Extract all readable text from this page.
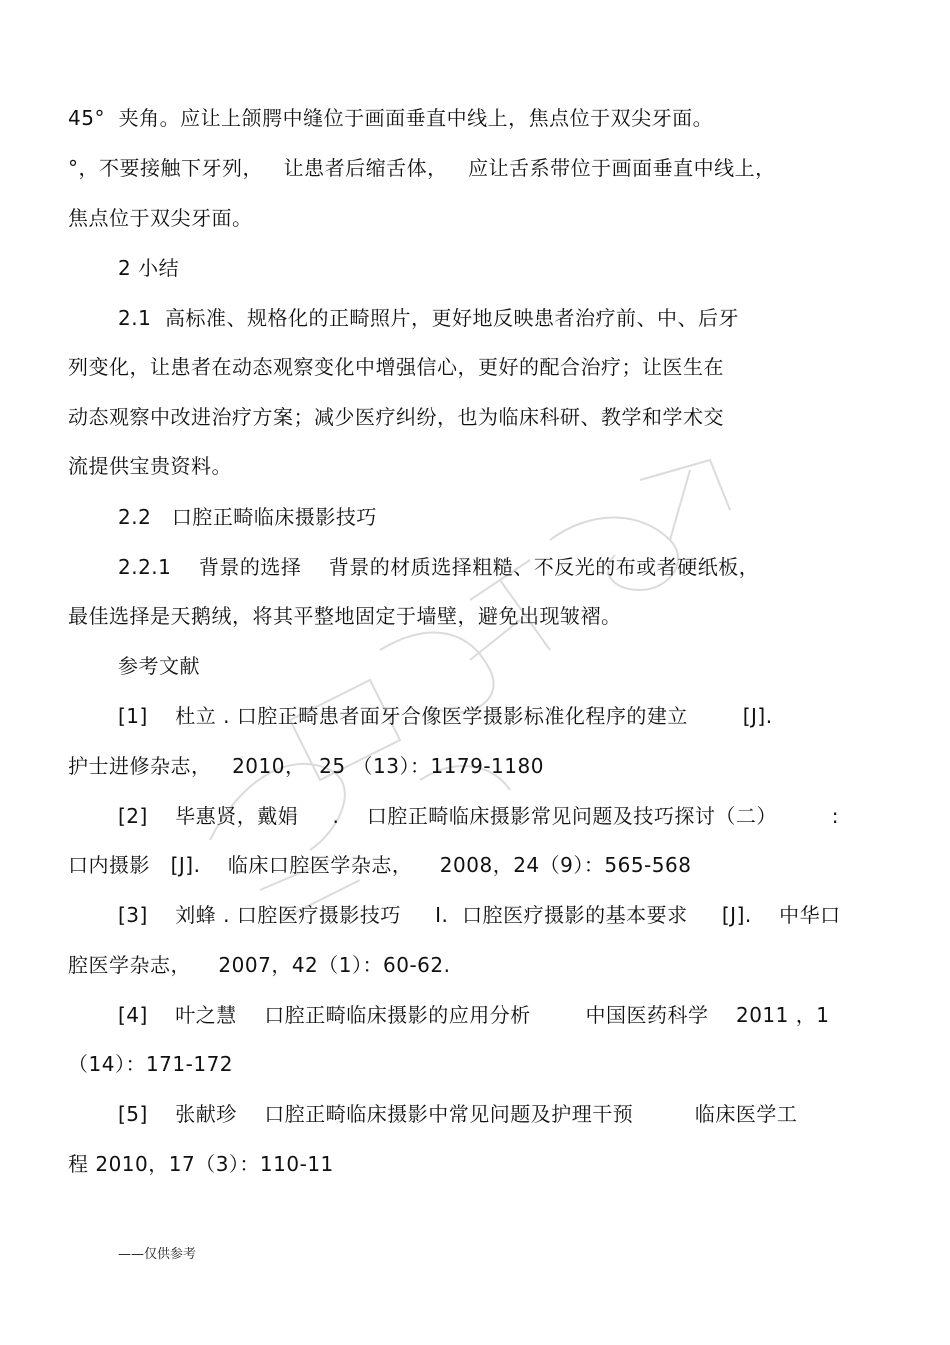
45°  夹角。应让上颌腭中缝位于画面垂直中线上，焦点位于双尖牙面。
°，不要接触下牙列，   让患者后缩舌体，   应让舌系带位于画面垂直中线上，
焦点位于双尖牙面。
2 小结
2.1  高标准、规格化的正畸照片，更好地反映患者治疗前、中、后牙
列变化，让患者在动态观察变化中增强信心，更好的配合治疗；让医生在
动态观察中改进治疗方案；减少医疗纠纷，也为临床科研、教学和学术交
流提供宝贵资料。
2.2   口腔正畸临床摄影技巧
2.2.1    背景的选择    背景的材质选择粗糙、不反光的布或者硬纸板，
最佳选择是天鹅绒，将其平整地固定于墙壁，避免出现皱褶。
参考文献
[1]    杜立 . 口腔正畸患者面牙合像医学摄影标准化程序的建立        [J].
护士进修杂志，   2010，  25 （13）：1179-1180
[2]    毕惠贤，戴娟     .    口腔正畸临床摄影常见问题及技巧探讨（二）        :
口内摄影   [J].    临床口腔医学杂志，    2008，24（9）：565-568
[3]    刘蜂 . 口腔医疗摄影技巧     I.  口腔医疗摄影的基本要求     [J].    中华口
腔医学杂志，    2007，42（1）：60-62.
[4]    叶之慧    口腔正畸临床摄影的应用分析        中国医药科学    2011 ，1
（14）：171-172
[5]    张献珍    口腔正畸临床摄影中常见问题及护理干预         临床医学工
程 2010，17（3）：110-11
——仅供参考
